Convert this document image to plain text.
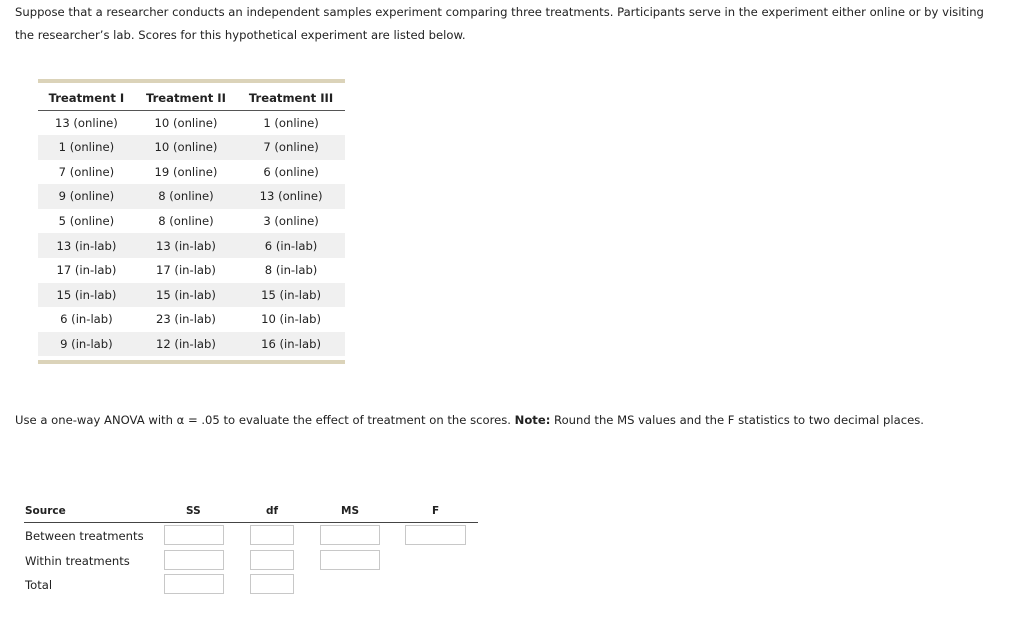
Suppose that a researcher conducts an independent samples experiment comparing three treatments. Participants serve in the experiment either online or by visiting the researcher’s lab. Scores for this hypothetical experiment are listed below.

Treatment I	Treatment II	Treatment III
13 (online)	10 (online)	1 (online)
1 (online)	10 (online)	7 (online)
7 (online)	19 (online)	6 (online)
9 (online)	8 (online)	13 (online)
5 (online)	8 (online)	3 (online)
13 (in-lab)	13 (in-lab)	6 (in-lab)
17 (in-lab)	17 (in-lab)	8 (in-lab)
15 (in-lab)	15 (in-lab)	15 (in-lab)
6 (in-lab)	23 (in-lab)	10 (in-lab)
9 (in-lab)	12 (in-lab)	16 (in-lab)

Use a one-way ANOVA with α = .05 to evaluate the effect of treatment on the scores. Note: Round the MS values and the F statistics to two decimal places.

Source	SS	df	MS	F
Between treatments
Within treatments
Total
